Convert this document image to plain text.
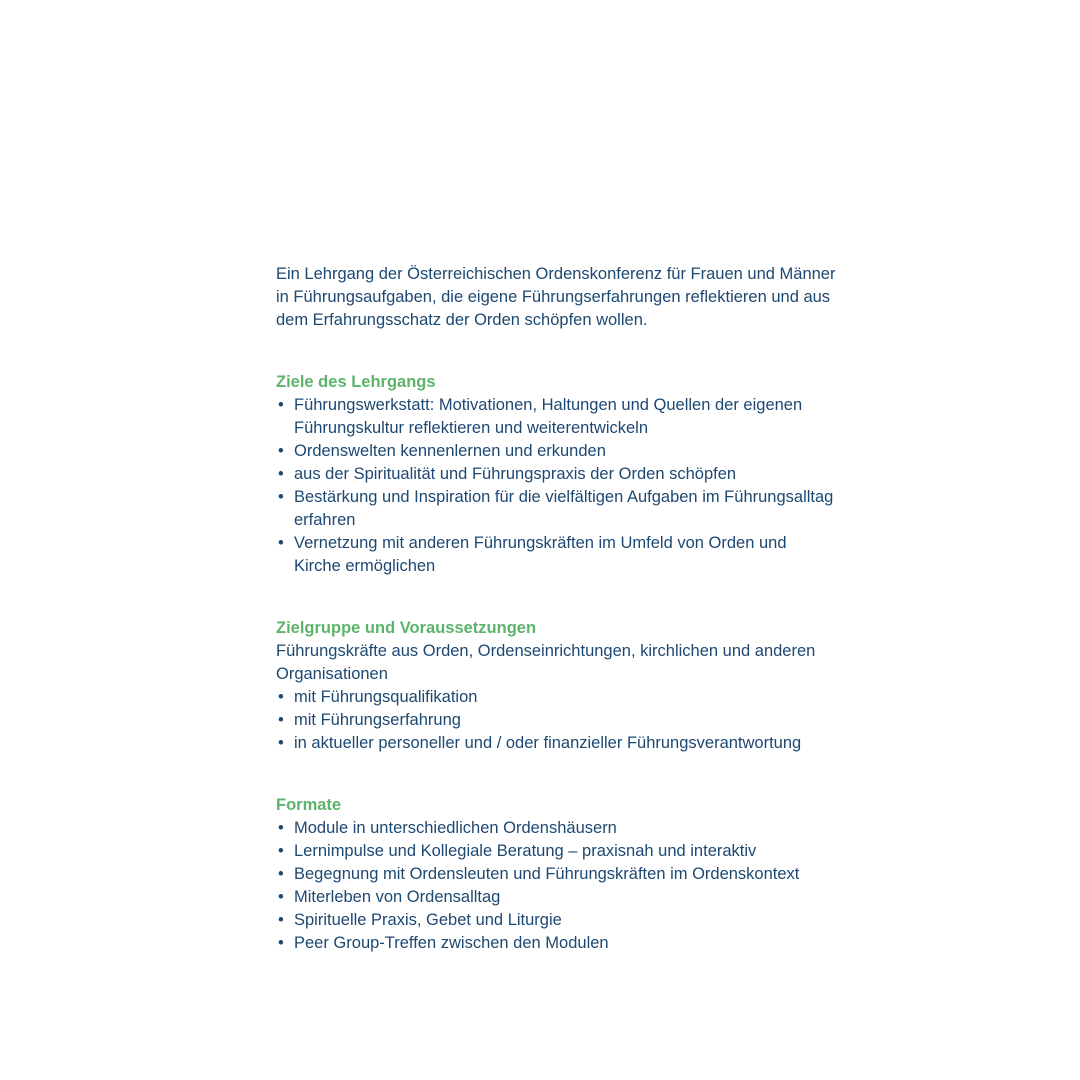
Ein Lehrgang der Österreichischen Ordenskonferenz für Frauen und Männer in Führungsaufgaben, die eigene Führungserfahrungen reflektieren und aus dem Erfahrungsschatz der Orden schöpfen wollen.

Ziele des Lehrgangs
• Führungswerkstatt: Motivationen, Haltungen und Quellen der eigenen Führungskultur reflektieren und weiterentwickeln
• Ordenswelten kennenlernen und erkunden
• aus der Spiritualität und Führungspraxis der Orden schöpfen
• Bestärkung und Inspiration für die vielfältigen Aufgaben im Führungsalltag erfahren
• Vernetzung mit anderen Führungskräften im Umfeld von Orden und Kirche ermöglichen
Zielgruppe und Voraussetzungen

Führungskräfte aus Orden, Ordenseinrichtungen, kirchlichen und anderen Organisationen

• mit Führungsqualifikation
• mit Führungserfahrung
• in aktueller personeller und / oder finanzieller Führungsverantwortung
Formate
• Module in unterschiedlichen Ordenshäusern
• Lernimpulse und Kollegiale Beratung – praxisnah und interaktiv
• Begegnung mit Ordensleuten und Führungskräften im Ordenskontext
• Miterleben von Ordensalltag
• Spirituelle Praxis, Gebet und Liturgie
• Peer Group-Treffen zwischen den Modulen
